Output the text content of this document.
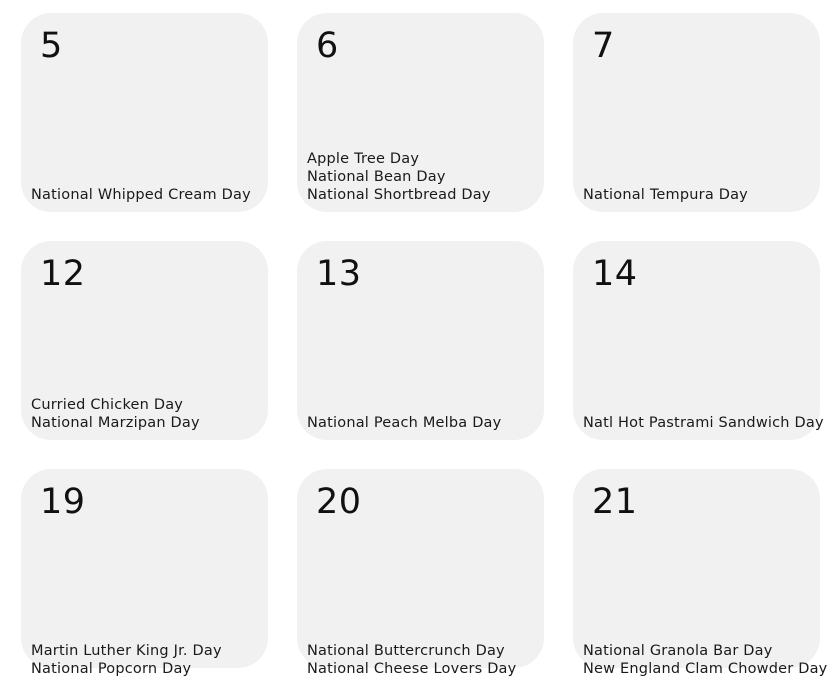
5
National Whipped Cream Day
6
Apple Tree Day
National Bean Day
National Shortbread Day
7
National Tempura Day
12
Curried Chicken Day
National Marzipan Day
13
National Peach Melba Day
14
Natl Hot Pastrami Sandwich Day
19
Martin Luther King Jr. Day
National Popcorn Day
20
National Buttercrunch Day
National Cheese Lovers Day
21
National Granola Bar Day
New England Clam Chowder Day
